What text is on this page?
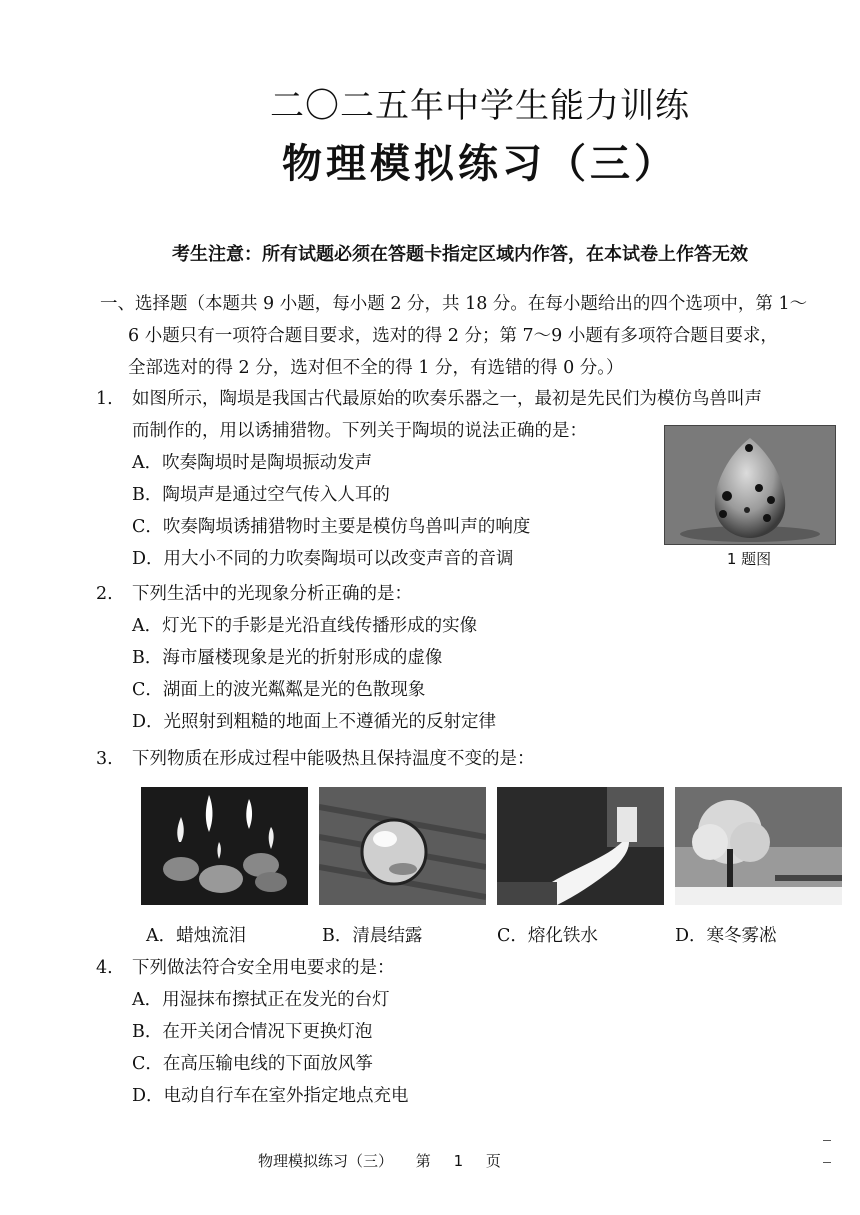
二〇二五年中学生能力训练
物理模拟练习（三）
考生注意：所有试题必须在答题卡指定区域内作答，在本试卷上作答无效
一、选择题（本题共 9 小题，每小题 2 分，共 18 分。在每小题给出的四个选项中，第 1～
6 小题只有一项符合题目要求，选对的得 2 分；第 7～9 小题有多项符合题目要求，
全部选对的得 2 分，选对但不全的得 1 分，有选错的得 0 分。）
1.	如图所示，陶埙是我国古代最原始的吹奏乐器之一，最初是先民们为模仿鸟兽叫声
而制作的，用以诱捕猎物。下列关于陶埙的说法正确的是：
A．吹奏陶埙时是陶埙振动发声
B．陶埙声是通过空气传入人耳的
C．吹奏陶埙诱捕猎物时主要是模仿鸟兽叫声的响度
D．用大小不同的力吹奏陶埙可以改变声音的音调	1 题图
2.	下列生活中的光现象分析正确的是：
A．灯光下的手影是光沿直线传播形成的实像
B．海市蜃楼现象是光的折射形成的虚像
C．湖面上的波光粼粼是光的色散现象
D．光照射到粗糙的地面上不遵循光的反射定律
3.	下列物质在形成过程中能吸热且保持温度不变的是：
A．蜡烛流泪	B．清晨结露	C．熔化铁水	D．寒冬雾凇
4.	下列做法符合安全用电要求的是：
A．用湿抹布擦拭正在发光的台灯
B．在开关闭合情况下更换灯泡
C．在高压输电线的下面放风筝
D．电动自行车在室外指定地点充电
物理模拟练习（三） 第 1 页
